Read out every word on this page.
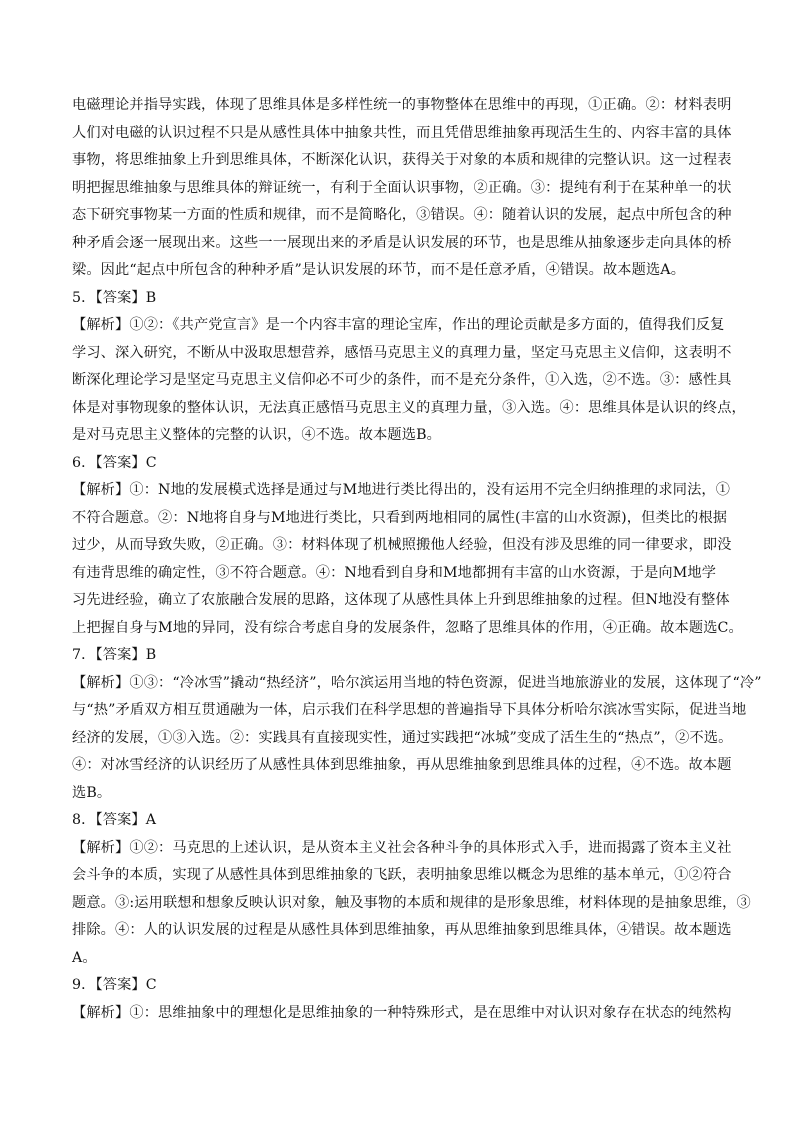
电磁理论并指导实践，体现了思维具体是多样性统一的事物整体在思维中的再现，①正确。②：材料表明
人们对电磁的认识过程不只是从感性具体中抽象共性，而且凭借思维抽象再现活生生的、内容丰富的具体
事物，将思维抽象上升到思维具体，不断深化认识，获得关于对象的本质和规律的完整认识。这一过程表
明把握思维抽象与思维具体的辩证统一，有利于全面认识事物，②正确。③：提纯有利于在某种单一的状
态下研究事物某一方面的性质和规律，而不是简略化，③错误。④：随着认识的发展，起点中所包含的种
种矛盾会逐一展现出来。这些一一展现出来的矛盾是认识发展的环节，也是思维从抽象逐步走向具体的桥
梁。因此“起点中所包含的种种矛盾”是认识发展的环节，而不是任意矛盾，④错误。故本题选A。
5．【答案】B
【解析】①②：《共产党宣言》是一个内容丰富的理论宝库，作出的理论贡献是多方面的，值得我们反复
学习、深入研究，不断从中汲取思想营养，感悟马克思主义的真理力量，坚定马克思主义信仰，这表明不
断深化理论学习是坚定马克思主义信仰必不可少的条件，而不是充分条件，①入选，②不选。③：感性具
体是对事物现象的整体认识，无法真正感悟马克思主义的真理力量，③入选。④：思维具体是认识的终点，
是对马克思主义整体的完整的认识，④不选。故本题选B。
6．【答案】C
【解析】①：N地的发展模式选择是通过与M地进行类比得出的，没有运用不完全归纳推理的求同法，①
不符合题意。②：N地将自身与M地进行类比，只看到两地相同的属性(丰富的山水资源)，但类比的根据
过少，从而导致失败，②正确。③：材料体现了机械照搬他人经验，但没有涉及思维的同一律要求，即没
有违背思维的确定性，③不符合题意。④：N地看到自身和M地都拥有丰富的山水资源，于是向M地学
习先进经验，确立了农旅融合发展的思路，这体现了从感性具体上升到思维抽象的过程。但N地没有整体
上把握自身与M地的异同，没有综合考虑自身的发展条件，忽略了思维具体的作用，④正确。故本题选C。
7．【答案】B
【解析】①③：“冷冰雪”撬动“热经济”，哈尔滨运用当地的特色资源，促进当地旅游业的发展，这体现了“冷”
与“热”矛盾双方相互贯通融为一体，启示我们在科学思想的普遍指导下具体分析哈尔滨冰雪实际，促进当地
经济的发展，①③入选。②：实践具有直接现实性，通过实践把“冰城”变成了活生生的“热点”，②不选。
④：对冰雪经济的认识经历了从感性具体到思维抽象，再从思维抽象到思维具体的过程，④不选。故本题
选B。
8．【答案】A
【解析】①②：马克思的上述认识，是从资本主义社会各种斗争的具体形式入手，进而揭露了资本主义社
会斗争的本质，实现了从感性具体到思维抽象的飞跃，表明抽象思维以概念为思维的基本单元，①②符合
题意。③:运用联想和想象反映认识对象，触及事物的本质和规律的是形象思维，材料体现的是抽象思维，③
排除。④：人的认识发展的过程是从感性具体到思维抽象，再从思维抽象到思维具体，④错误。故本题选
A。
9．【答案】C
【解析】①：思维抽象中的理想化是思维抽象的一种特殊形式，是在思维中对认识对象存在状态的纯然构
